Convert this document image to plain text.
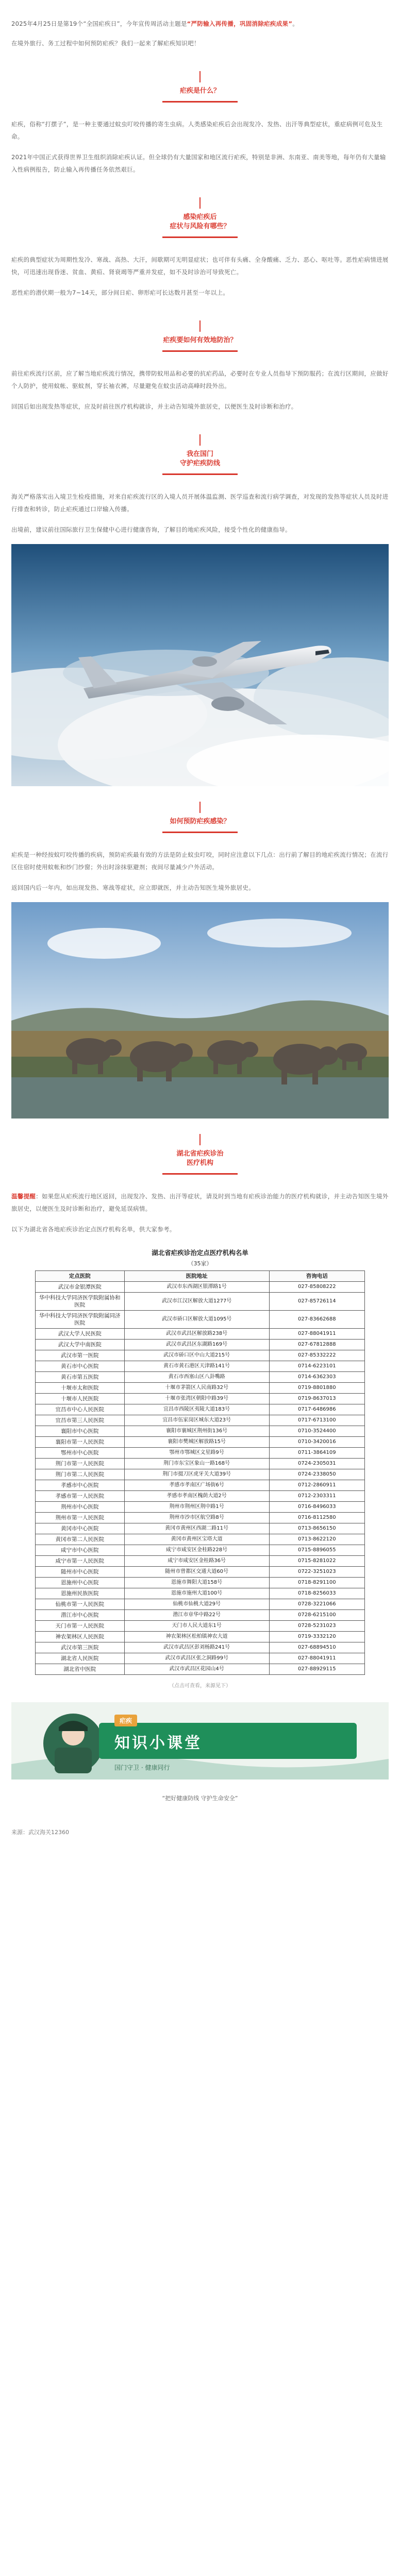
2025年4月25日是第19个“全国疟疾日”，今年宣传周活动主题是“严防输入再传播，巩固消除疟疾成果”。

在境外旅行、务工过程中如何预防疟疾？我们一起来了解疟疾知识吧！

疟疾是什么？

疟疾，俗称“打摆子”，是一种主要通过蚊虫叮咬传播的寄生虫病。人类感染疟疾后会出现发冷、发热、出汗等典型症状，重症病例可危及生命。

2021年中国正式获得世界卫生组织消除疟疾认证。但全球仍有大量国家和地区流行疟疾，特别是非洲、东南亚、南美等地，每年仍有大量输入性病例报告，防止输入再传播任务依然艰巨。

感染疟疾后
症状与风险有哪些？

疟疾的典型症状为周期性发冷、寒战、高热、大汗，间歇期可无明显症状；也可伴有头痛、全身酸痛、乏力、恶心、呕吐等。恶性疟病情进展快，可迅速出现昏迷、贫血、黄疸、肾衰竭等严重并发症，如不及时诊治可导致死亡。

恶性疟的潜伏期一般为7~14天，部分间日疟、卵形疟可长达数月甚至一年以上。

疟疾要如何有效地防治？

前往疟疾流行区前，应了解当地疟疾流行情况，携带防蚊用品和必要的抗疟药品，必要时在专业人员指导下预防服药；在流行区期间，应做好个人防护，使用蚊帐、驱蚊剂，穿长袖衣裤，尽量避免在蚊虫活动高峰时段外出。

回国后如出现发热等症状，应及时前往医疗机构就诊，并主动告知境外旅居史，以便医生及时诊断和治疗。

我在国门
守护疟疾防线

海关严格落实出入境卫生检疫措施，对来自疟疾流行区的入境人员开展体温监测、医学巡查和流行病学调查，对发现的发热等症状人员及时进行排查和转诊，防止疟疾通过口岸输入传播。

出境前，建议前往国际旅行卫生保健中心进行健康咨询，了解目的地疟疾风险，接受个性化的健康指导。

如何预防疟疾感染？

疟疾是一种经按蚊叮咬传播的疾病，预防疟疾最有效的方法是防止蚊虫叮咬，同时应注意以下几点：出行前了解目的地疟疾流行情况；在流行区住宿时使用蚊帐和纱门纱窗；外出时涂抹驱避剂；夜间尽量减少户外活动。

返回国内后一年内，如出现发热、寒战等症状，应立即就医，并主动告知医生境外旅居史。

湖北省疟疾诊治
医疗机构

温馨提醒：如果您从疟疾流行地区返回，出现发冷、发热、出汗等症状，请及时到当地有疟疾诊治能力的医疗机构就诊，并主动告知医生境外旅居史，以便医生及时诊断和治疗，避免延误病情。

以下为湖北省各地疟疾诊治定点医疗机构名单，供大家参考。

湖北省疟疾诊治定点医疗机构名单
（35家）
定点医院	医院地址	咨询电话
武汉市金银潭医院	武汉市东西湖区银潭路1号	027-85808222
华中科技大学同济医学院附属协和医院	武汉市江汉区解放大道1277号	027-85726114
华中科技大学同济医学院附属同济医院	武汉市硚口区解放大道1095号	027-83662688
武汉大学人民医院	武汉市武昌区解放路238号	027-88041911
武汉大学中南医院	武汉市武昌区东湖路169号	027-67812888
武汉市第一医院	武汉市硚口区中山大道215号	027-85332222
黄石市中心医院	黄石市黄石港区天津路141号	0714-6223101
黄石市第五医院	黄石市西塞山区八卦嘴路	0714-6362303
十堰市太和医院	十堰市茅箭区人民南路32号	0719-8801880
十堰市人民医院	十堰市张湾区朝阳中路39号	0719-8637013
宜昌市中心人民医院	宜昌市西陵区夷陵大道183号	0717-6486986
宜昌市第三人民医院	宜昌市伍家岗区城东大道23号	0717-6713100
襄阳市中心医院	襄阳市襄城区荆州街136号	0710-3524400
襄阳市第一人民医院	襄阳市樊城区解放路15号	0710-3420016
鄂州市中心医院	鄂州市鄂城区文星路9号	0711-3864109
荆门市第一人民医院	荆门市东宝区象山一路168号	0724-2305031
荆门市第二人民医院	荆门市掇刀区虎牙关大道39号	0724-2338050
孝感市中心医院	孝感市孝南区广场街6号	0712-2860911
孝感市第一人民医院	孝感市孝南区槐荫大道2号	0712-2303311
荆州市中心医院	荆州市荆州区荆中路1号	0716-8496033
荆州市第一人民医院	荆州市沙市区航空路8号	0716-8112580
黄冈市中心医院	黄冈市黄州区西湖二路11号	0713-8656150
黄冈市第二人民医院	黄冈市黄州区宝塔大道	0713-8622120
咸宁市中心医院	咸宁市咸安区金桂路228号	0715-8896055
咸宁市第一人民医院	咸宁市咸安区金桂路36号	0715-8281022
随州市中心医院	随州市曾都区交通大道60号	0722-3251023
恩施州中心医院	恩施市舞阳大道158号	0718-8291100
恩施州民族医院	恩施市施州大道100号	0718-8256033
仙桃市第一人民医院	仙桃市仙桃大道29号	0728-3221066
潜江市中心医院	潜江市章华中路22号	0728-6215100
天门市第一人民医院	天门市人民大道东1号	0728-5231023
神农架林区人民医院	神农架林区松柏镇神农大道	0719-3332120
武汉市第三医院	武汉市武昌区彭刘杨路241号	027-68894510
湖北省人民医院	武汉市武昌区张之洞路99号	027-88041911
湖北省中医院	武汉市武昌区花园山4号	027-88929115
（点击可查看，来源见下）
疟疾
知识小课堂
国门守卫 · 健康同行
“把好健康防线 守护生命安全”
来源：武汉海关12360
